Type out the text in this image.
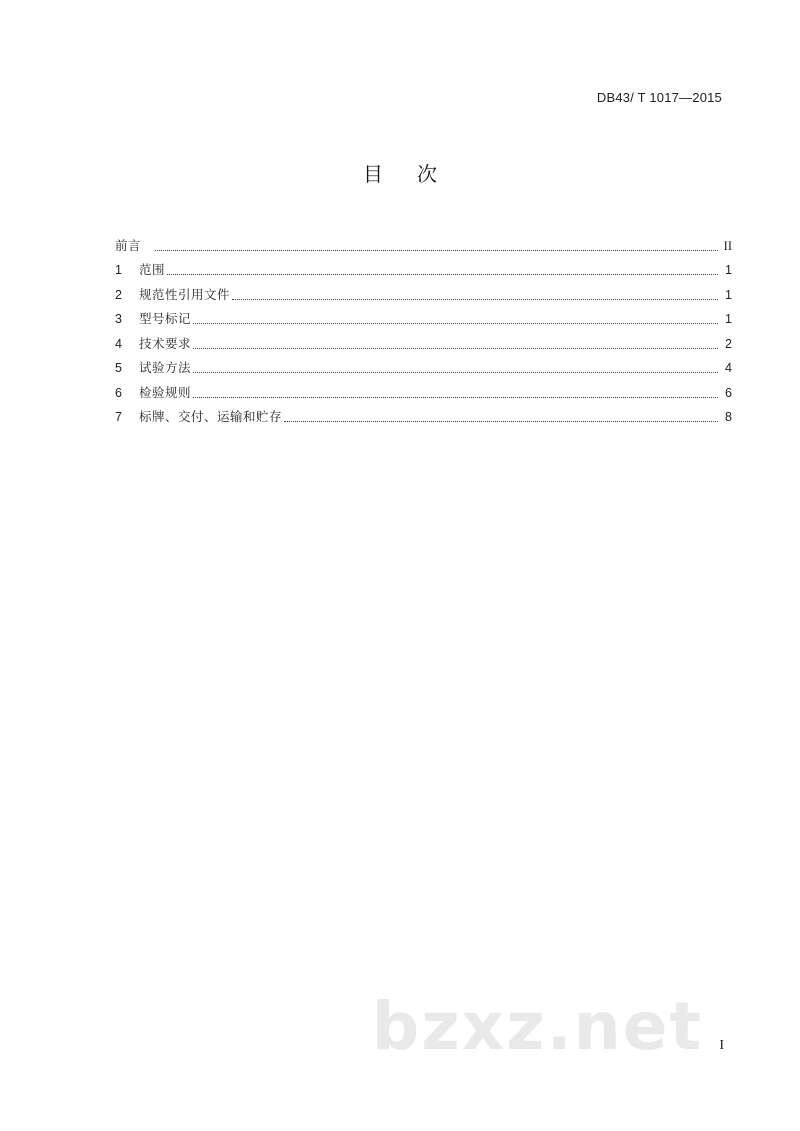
DB43/ T 1017—2015
目次
前言	II
1	范围	1
2	规范性引用文件	1
3	型号标记	1
4	技术要求	2
5	试验方法	4
6	检验规则	6
7	标牌、交付、运输和贮存	8
bzxz.net I
